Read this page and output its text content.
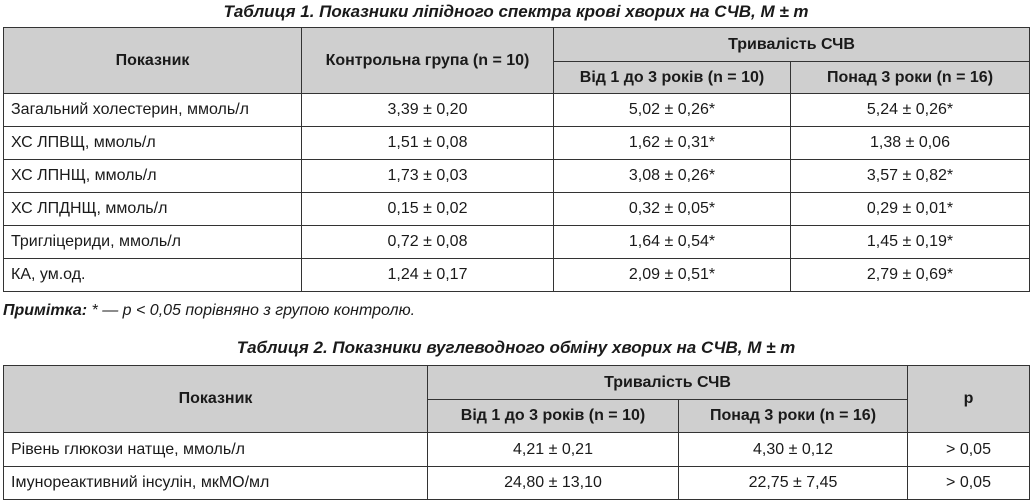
Таблиця 1. Показники ліпідного спектра крові хворих на СЧВ, M ± m
Показник	Контрольна група (n = 10)	Тривалість СЧВ	
		Від 1 до 3 років (n = 10)	Понад 3 роки (n = 16)
Загальний холестерин, ммоль/л	3,39 ± 0,20	5,02 ± 0,26*	5,24 ± 0,26*
ХС ЛПВЩ, ммоль/л	1,51 ± 0,08	1,62 ± 0,31*	1,38 ± 0,06
ХС ЛПНЩ, ммоль/л	1,73 ± 0,03	3,08 ± 0,26*	3,57 ± 0,82*
ХС ЛПДНЩ, ммоль/л	0,15 ± 0,02	0,32 ± 0,05*	0,29 ± 0,01*
Тригліцериди, ммоль/л	0,72 ± 0,08	1,64 ± 0,54*	1,45 ± 0,19*
КА, ум.од.	1,24 ± 0,17	2,09 ± 0,51*	2,79 ± 0,69*
Примітка: * — р < 0,05 порівняно з групою контролю.
Таблиця 2. Показники вуглеводного обміну хворих на СЧВ, M ± m
Показник	Тривалість СЧВ		р
	Від 1 до 3 років (n = 10)	Понад 3 роки (n = 16)	
Рівень глюкози натще, ммоль/л	4,21 ± 0,21	4,30 ± 0,12	> 0,05
Імунореактивний інсулін, мкМО/мл	24,80 ± 13,10	22,75 ± 7,45	> 0,05
